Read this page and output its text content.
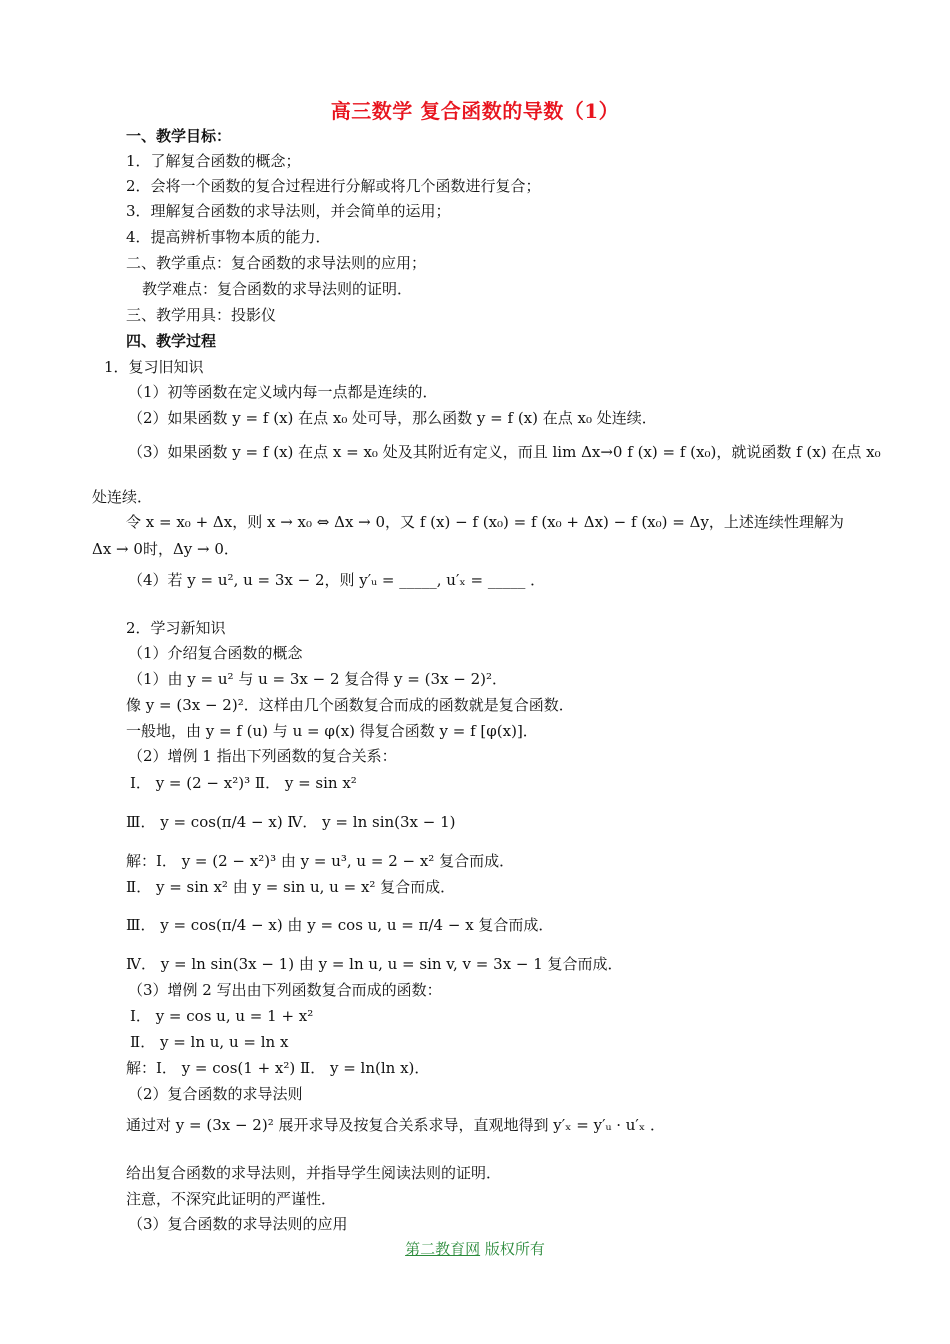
高三数学 复合函数的导数（1）
一、教学目标：
1．了解复合函数的概念；
2．会将一个函数的复合过程进行分解或将几个函数进行复合；
3．理解复合函数的求导法则，并会简单的运用；
4．提高辨析事物本质的能力．
二、教学重点：复合函数的求导法则的应用；
教学难点：复合函数的求导法则的证明．
三、教学用具：投影仪
四、教学过程
1．复习旧知识
（1）初等函数在定义域内每一点都是连续的．
（2）如果函数 y = f (x) 在点 x₀ 处可导，那么函数 y = f (x) 在点 x₀ 处连续．
（3）如果函数 y = f (x) 在点 x = x₀ 处及其附近有定义，而且 lim Δx→0 f (x) = f (x₀)，就说函数 f (x) 在点 x₀
处连续．
令 x = x₀ + Δx，则 x → x₀ ⇔ Δx → 0，又 f (x) − f (x₀) = f (x₀ + Δx) − f (x₀) = Δy，上述连续性理解为
Δx → 0时，Δy → 0．
（4）若 y = u², u = 3x − 2，则 y′ᵤ = _____, u′ₓ = _____ ．
2．学习新知识
（1）介绍复合函数的概念
（1）由 y = u² 与 u = 3x − 2 复合得 y = (3x − 2)²．
像 y = (3x − 2)²．这样由几个函数复合而成的函数就是复合函数．
一般地，由 y = f (u) 与 u = φ(x) 得复合函数 y = f [φ(x)]．
（2）增例 1 指出下列函数的复合关系：
Ⅰ． y = (2 − x²)³ Ⅱ． y = sin x²
Ⅲ． y = cos(π/4 − x) Ⅳ． y = ln sin(3x − 1)
解：Ⅰ． y = (2 − x²)³ 由 y = u³, u = 2 − x² 复合而成．
Ⅱ． y = sin x² 由 y = sin u, u = x² 复合而成．
Ⅲ． y = cos(π/4 − x) 由 y = cos u, u = π/4 − x 复合而成．
Ⅳ． y = ln sin(3x − 1) 由 y = ln u, u = sin v, v = 3x − 1 复合而成．
（3）增例 2 写出由下列函数复合而成的函数：
Ⅰ． y = cos u, u = 1 + x²
Ⅱ． y = ln u, u = ln x
解：Ⅰ． y = cos(1 + x²) Ⅱ． y = ln(ln x)．
（2）复合函数的求导法则
通过对 y = (3x − 2)² 展开求导及按复合关系求导，直观地得到 y′ₓ = y′ᵤ · u′ₓ ．
给出复合函数的求导法则，并指导学生阅读法则的证明．
注意，不深究此证明的严谨性．
（3）复合函数的求导法则的应用
第二教育网 版权所有
